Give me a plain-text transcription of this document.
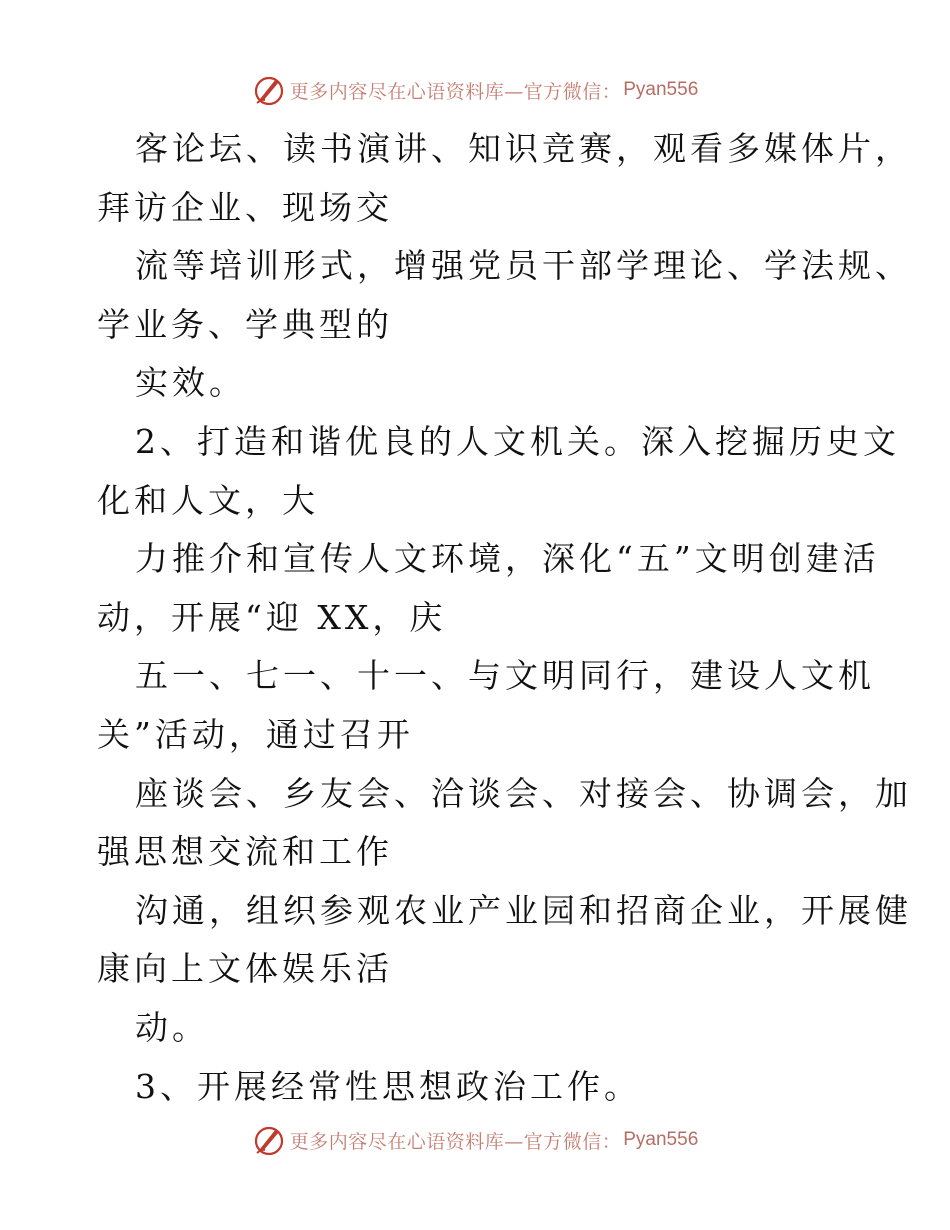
更多内容尽在心语资料库—官方微信： Pyan556
客论坛、读书演讲、知识竞赛，观看多媒体片，
拜访企业、现场交
流等培训形式，增强党员干部学理论、学法规、
学业务、学典型的
实效。
2、打造和谐优良的人文机关。深入挖掘历史文
化和人文，大
力推介和宣传人文环境，深化“五”文明创建活
动，开展“迎 XX，庆
五一、七一、十一、与文明同行，建设人文机
关”活动，通过召开
座谈会、乡友会、洽谈会、对接会、协调会，加
强思想交流和工作
沟通，组织参观农业产业园和招商企业，开展健
康向上文体娱乐活
动。
3、开展经常性思想政治工作。
更多内容尽在心语资料库—官方微信： Pyan556
